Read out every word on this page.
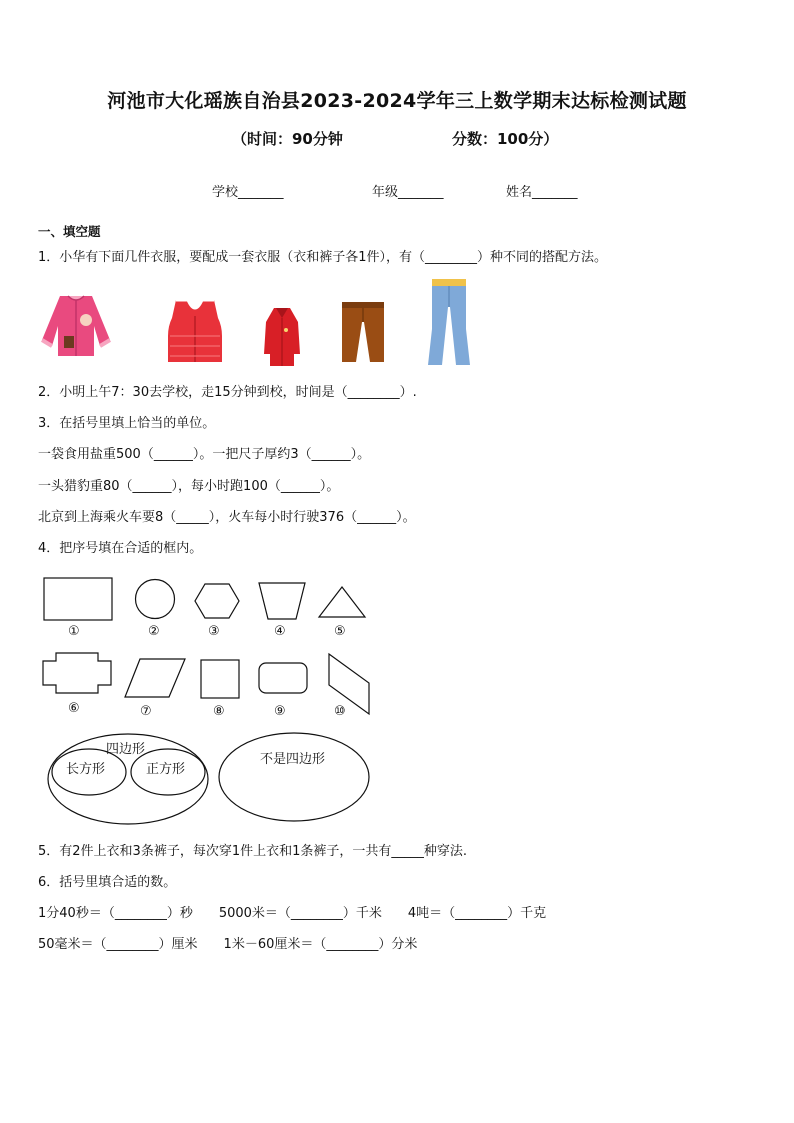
河池市大化瑶族自治县2023-2024学年三上数学期末达标检测试题
（时间：90分钟	分数：100分）
学校_______	年级_______	姓名_______
一、填空题
1．小华有下面几件衣服，要配成一套衣服（衣和裤子各1件），有（________）种不同的搭配方法。
2．小明上午7：30去学校，走15分钟到校，时间是（________）.
3．在括号里填上恰当的单位。
一袋食用盐重500（______）。一把尺子厚约3（______）。
一头猎豹重80（______），每小时跑100（______）。
北京到上海乘火车要8（_____），火车每小时行驶376（______）。
4．把序号填在合适的框内。
①	②	③	④	⑤
⑥	⑦	⑧	⑨	⑩
四边形
长方形	正方形
不是四边形
5．有2件上衣和3条裤子，每次穿1件上衣和1条裤子，一共有_____种穿法.
6．括号里填合适的数。
1分40秒＝（________）秒　　5000米＝（________）千米　　4吨＝（________）千克
50毫米＝（________）厘米　　1米－60厘米＝（________）分米
